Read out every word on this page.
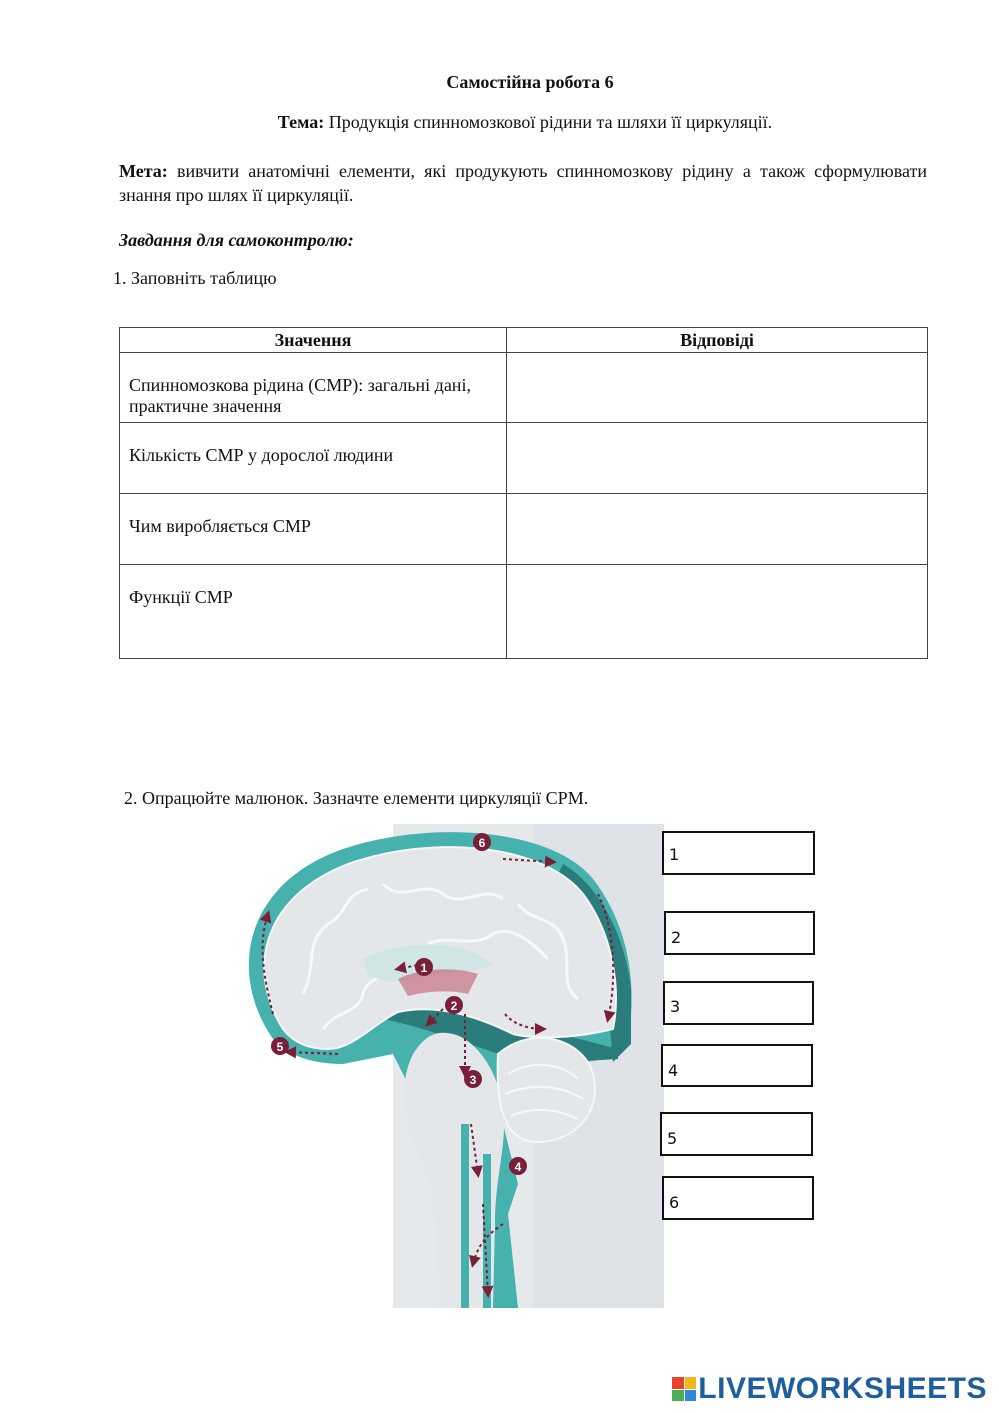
Самостійна робота 6
Тема: Продукція спинномозкової рідини та шляхи її циркуляції.
Мета: вивчити анатомічні елементи, які продукують спинномозкову рідину а також сформулювати знання про шлях її циркуляції.
Завдання для самоконтролю:
1. Заповніть таблицю
Значення	Відповіді
Спинномозкова рідина (СМР): загальні дані, практичне значення	
Кількість СМР у дорослої людини	
Чим виробляється СМР	
Функції СМР	
2. Опрацюйте малюнок. Зазначте елементи циркуляції СРМ.
1
2
3
4
5
6
1
2
3
4
5
6
LIVEWORKSHEETS
